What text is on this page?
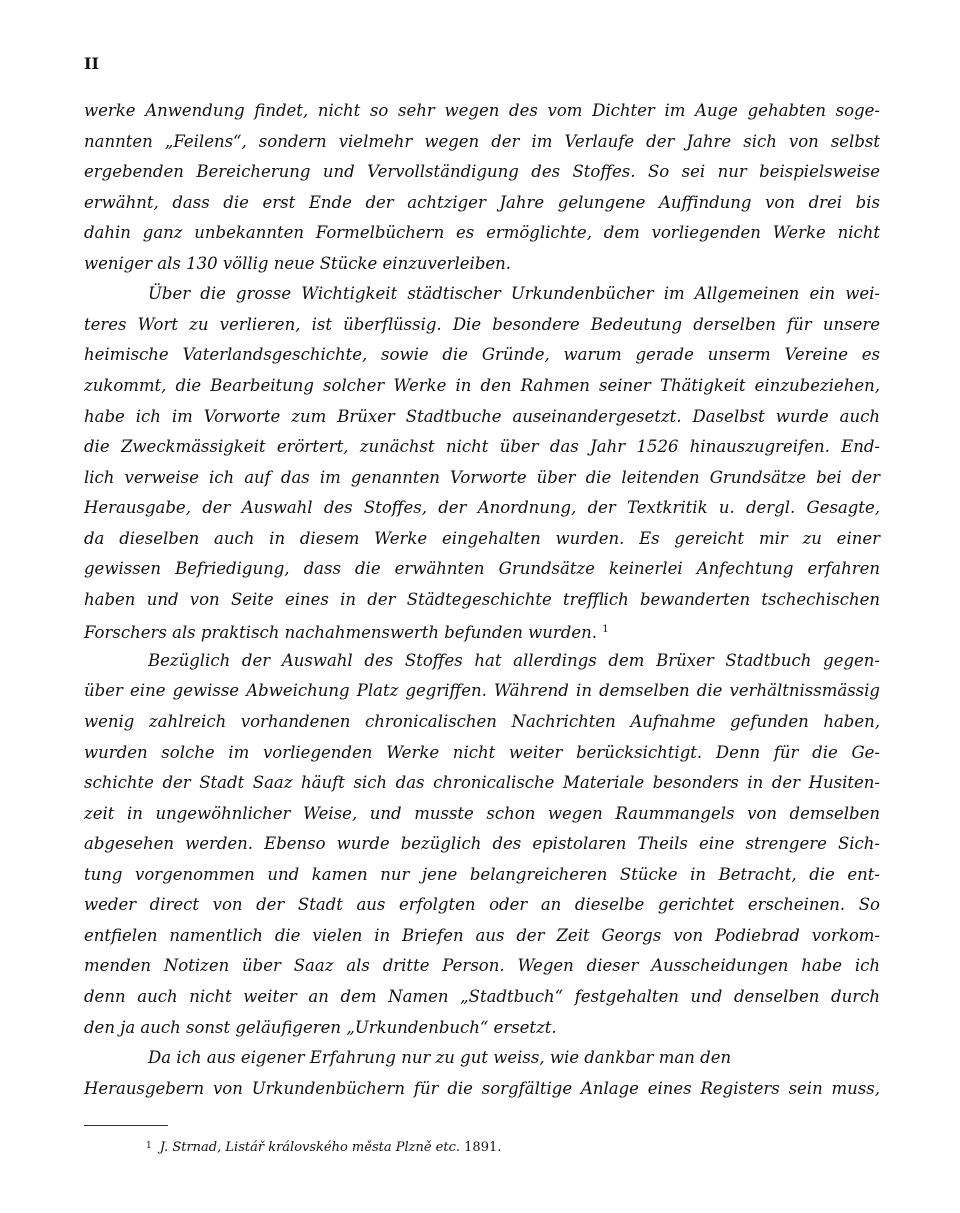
II
werke Anwendung findet, nicht so sehr wegen des vom Dichter im Auge gehabten soge-
nannten „Feilens“, sondern vielmehr wegen der im Verlaufe der Jahre sich von selbst
ergebenden Bereicherung und Vervollständigung des Stoffes. So sei nur beispielsweise
erwähnt, dass die erst Ende der achtziger Jahre gelungene Auffindung von drei bis
dahin ganz unbekannten Formelbüchern es ermöglichte, dem vorliegenden Werke nicht
weniger als 130 völlig neue Stücke einzuverleiben.
Über die grosse Wichtigkeit städtischer Urkundenbücher im Allgemeinen ein wei-
teres Wort zu verlieren, ist überflüssig. Die besondere Bedeutung derselben für unsere
heimische Vaterlandsgeschichte, sowie die Gründe, warum gerade unserm Vereine es
zukommt, die Bearbeitung solcher Werke in den Rahmen seiner Thätigkeit einzubeziehen,
habe ich im Vorworte zum Brüxer Stadtbuche auseinandergesetzt. Daselbst wurde auch
die Zweckmässigkeit erörtert, zunächst nicht über das Jahr 1526 hinauszugreifen. End-
lich verweise ich auf das im genannten Vorworte über die leitenden Grundsätze bei der
Herausgabe, der Auswahl des Stoffes, der Anordnung, der Textkritik u. dergl. Gesagte,
da dieselben auch in diesem Werke eingehalten wurden. Es gereicht mir zu einer
gewissen Befriedigung, dass die erwähnten Grundsätze keinerlei Anfechtung erfahren
haben und von Seite eines in der Städtegeschichte trefflich bewanderten tschechischen
Forschers als praktisch nachahmenswerth befunden wurden. $^1$
Bezüglich der Auswahl des Stoffes hat allerdings dem Brüxer Stadtbuch gegen-
über eine gewisse Abweichung Platz gegriffen. Während in demselben die verhältnissmässig
wenig zahlreich vorhandenen chronicalischen Nachrichten Aufnahme gefunden haben,
wurden solche im vorliegenden Werke nicht weiter berücksichtigt. Denn für die Ge-
schichte der Stadt Saaz häuft sich das chronicalische Materiale besonders in der Husiten-
zeit in ungewöhnlicher Weise, und musste schon wegen Raummangels von demselben
abgesehen werden. Ebenso wurde bezüglich des epistolaren Theils eine strengere Sich-
tung vorgenommen und kamen nur jene belangreicheren Stücke in Betracht, die ent-
weder direct von der Stadt aus erfolgten oder an dieselbe gerichtet erscheinen. So
entfielen namentlich die vielen in Briefen aus der Zeit Georgs von Podiebrad vorkom-
menden Notizen über Saaz als dritte Person. Wegen dieser Ausscheidungen habe ich
denn auch nicht weiter an dem Namen „Stadtbuch“ festgehalten und denselben durch
den ja auch sonst geläufigeren „Urkundenbuch“ ersetzt.
Da ich aus eigener Erfahrung nur zu gut weiss, wie dankbar man den
Herausgebern von Urkundenbüchern für die sorgfältige Anlage eines Registers sein muss,
$^1$ J. Strnad, Listář královského města Plzně etc. 1891.
